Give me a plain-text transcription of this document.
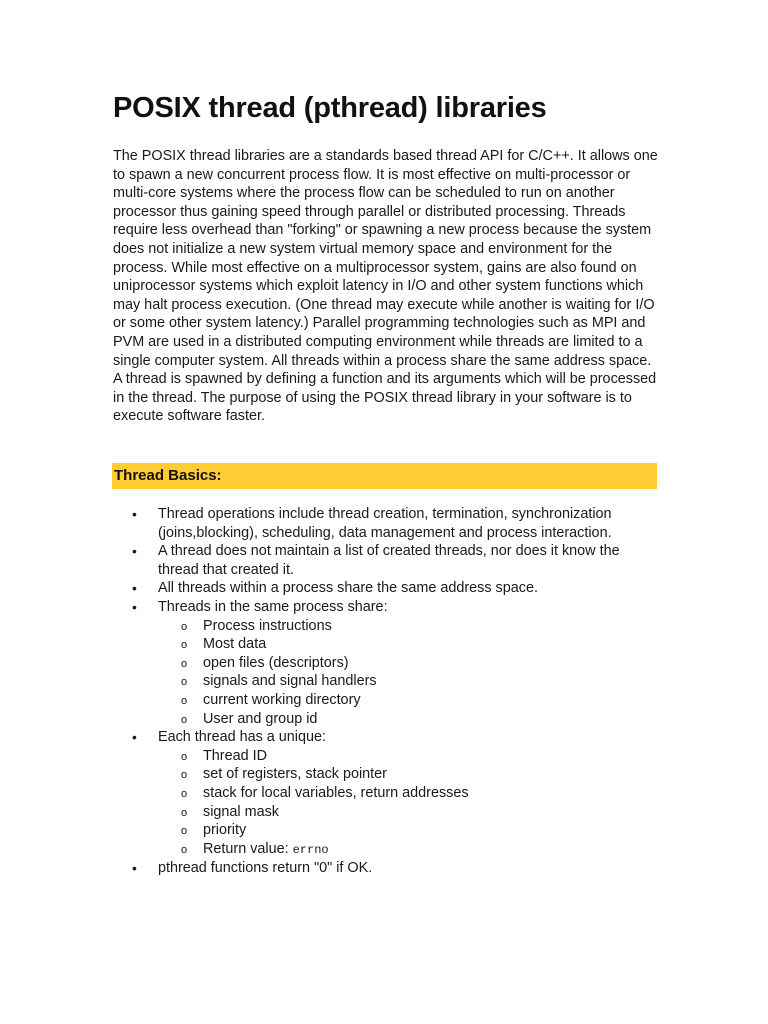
POSIX thread (pthread) libraries

The POSIX thread libraries are a standards based thread API for C/C++. It allows one to spawn a new concurrent process flow. It is most effective on multi-processor or multi-core systems where the process flow can be scheduled to run on another processor thus gaining speed through parallel or distributed processing. Threads require less overhead than "forking" or spawning a new process because the system does not initialize a new system virtual memory space and environment for the process. While most effective on a multiprocessor system, gains are also found on uniprocessor systems which exploit latency in I/O and other system functions which may halt process execution. (One thread may execute while another is waiting for I/O or some other system latency.) Parallel programming technologies such as MPI and PVM are used in a distributed computing environment while threads are limited to a single computer system. All threads within a process share the same address space. A thread is spawned by defining a function and its arguments which will be processed in the thread. The purpose of using the POSIX thread library in your software is to execute software faster.

Thread Basics:
• Thread operations include thread creation, termination, synchronization (joins,blocking), scheduling, data management and process interaction.
• A thread does not maintain a list of created threads, nor does it know the thread that created it.
• All threads within a process share the same address space.
• Threads in the same process share:
o Process instructions
o Most data
o open files (descriptors)
o signals and signal handlers
o current working directory
o User and group id
• Each thread has a unique:
o Thread ID
o set of registers, stack pointer
o stack for local variables, return addresses
o signal mask
o priority
o Return value: errno
• pthread functions return "0" if OK.
